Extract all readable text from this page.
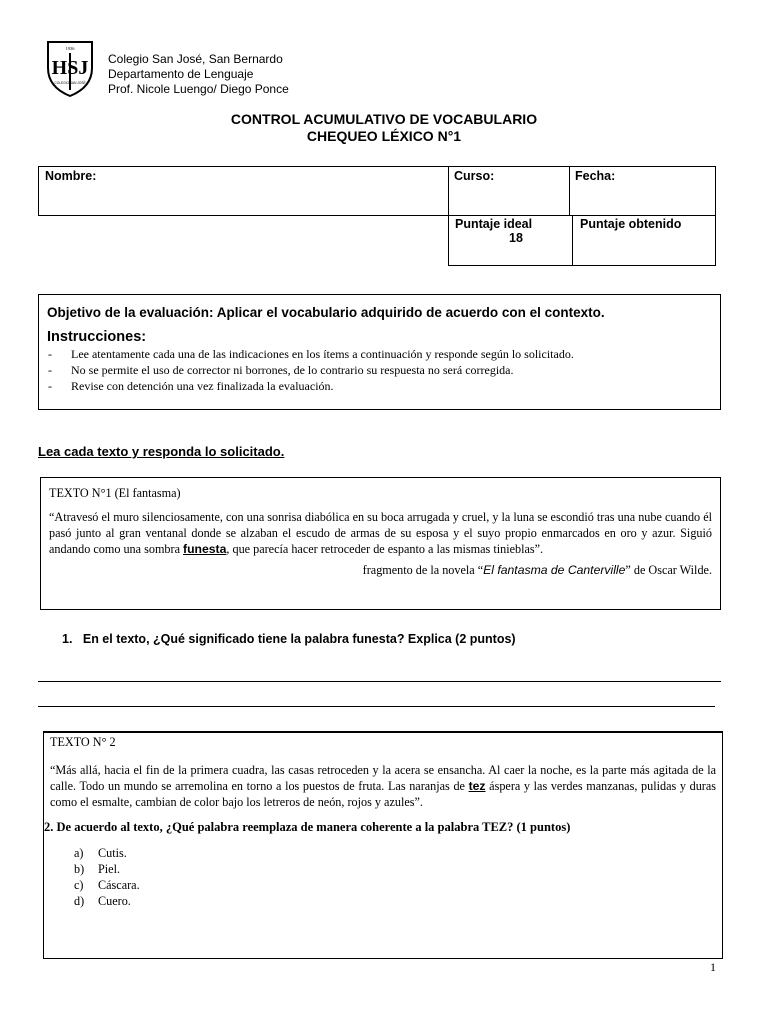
1936
HSJ
COLEGIO SAN JOSÉ
Colegio San José, San Bernardo
Departamento de Lenguaje
Prof. Nicole Luengo/ Diego Ponce
CONTROL ACUMULATIVO DE VOCABULARIO
CHEQUEO LÉXICO N°1
Nombre:	Curso:	Fecha:
Puntaje ideal
18
Puntaje obtenido
Objetivo de la evaluación: Aplicar el vocabulario adquirido de acuerdo con el contexto.
Instrucciones:
- Lee atentamente cada una de las indicaciones en los ítems a continuación y responde según lo solicitado.
- No se permite el uso de corrector ni borrones, de lo contrario su respuesta no será corregida.
- Revise con detención una vez finalizada la evaluación.
Lea cada texto y responda lo solicitado.
TEXTO N°1 (El fantasma)
“Atravesó el muro silenciosamente, con una sonrisa diabólica en su boca arrugada y cruel, y la luna se escondió tras una nube cuando él pasó junto al gran ventanal donde se alzaban el escudo de armas de su esposa y el suyo propio enmarcados en oro y azur. Siguió andando como una sombra funesta, que parecía hacer retroceder de espanto a las mismas tinieblas”.
fragmento de la novela “El fantasma de Canterville” de Oscar Wilde.
1. En el texto, ¿Qué significado tiene la palabra funesta? Explica (2 puntos)
TEXTO N° 2
“Más allá, hacia el fin de la primera cuadra, las casas retroceden y la acera se ensancha. Al caer la noche, es la parte más agitada de la calle. Todo un mundo se arremolina en torno a los puestos de fruta. Las naranjas de tez áspera y las verdes manzanas, pulidas y duras como el esmalte, cambian de color bajo los letreros de neón, rojos y azules”.
2. De acuerdo al texto, ¿Qué palabra reemplaza de manera coherente a la palabra TEZ? (1 puntos)
a) Cutis.
b) Piel.
c) Cáscara.
d) Cuero.
1
